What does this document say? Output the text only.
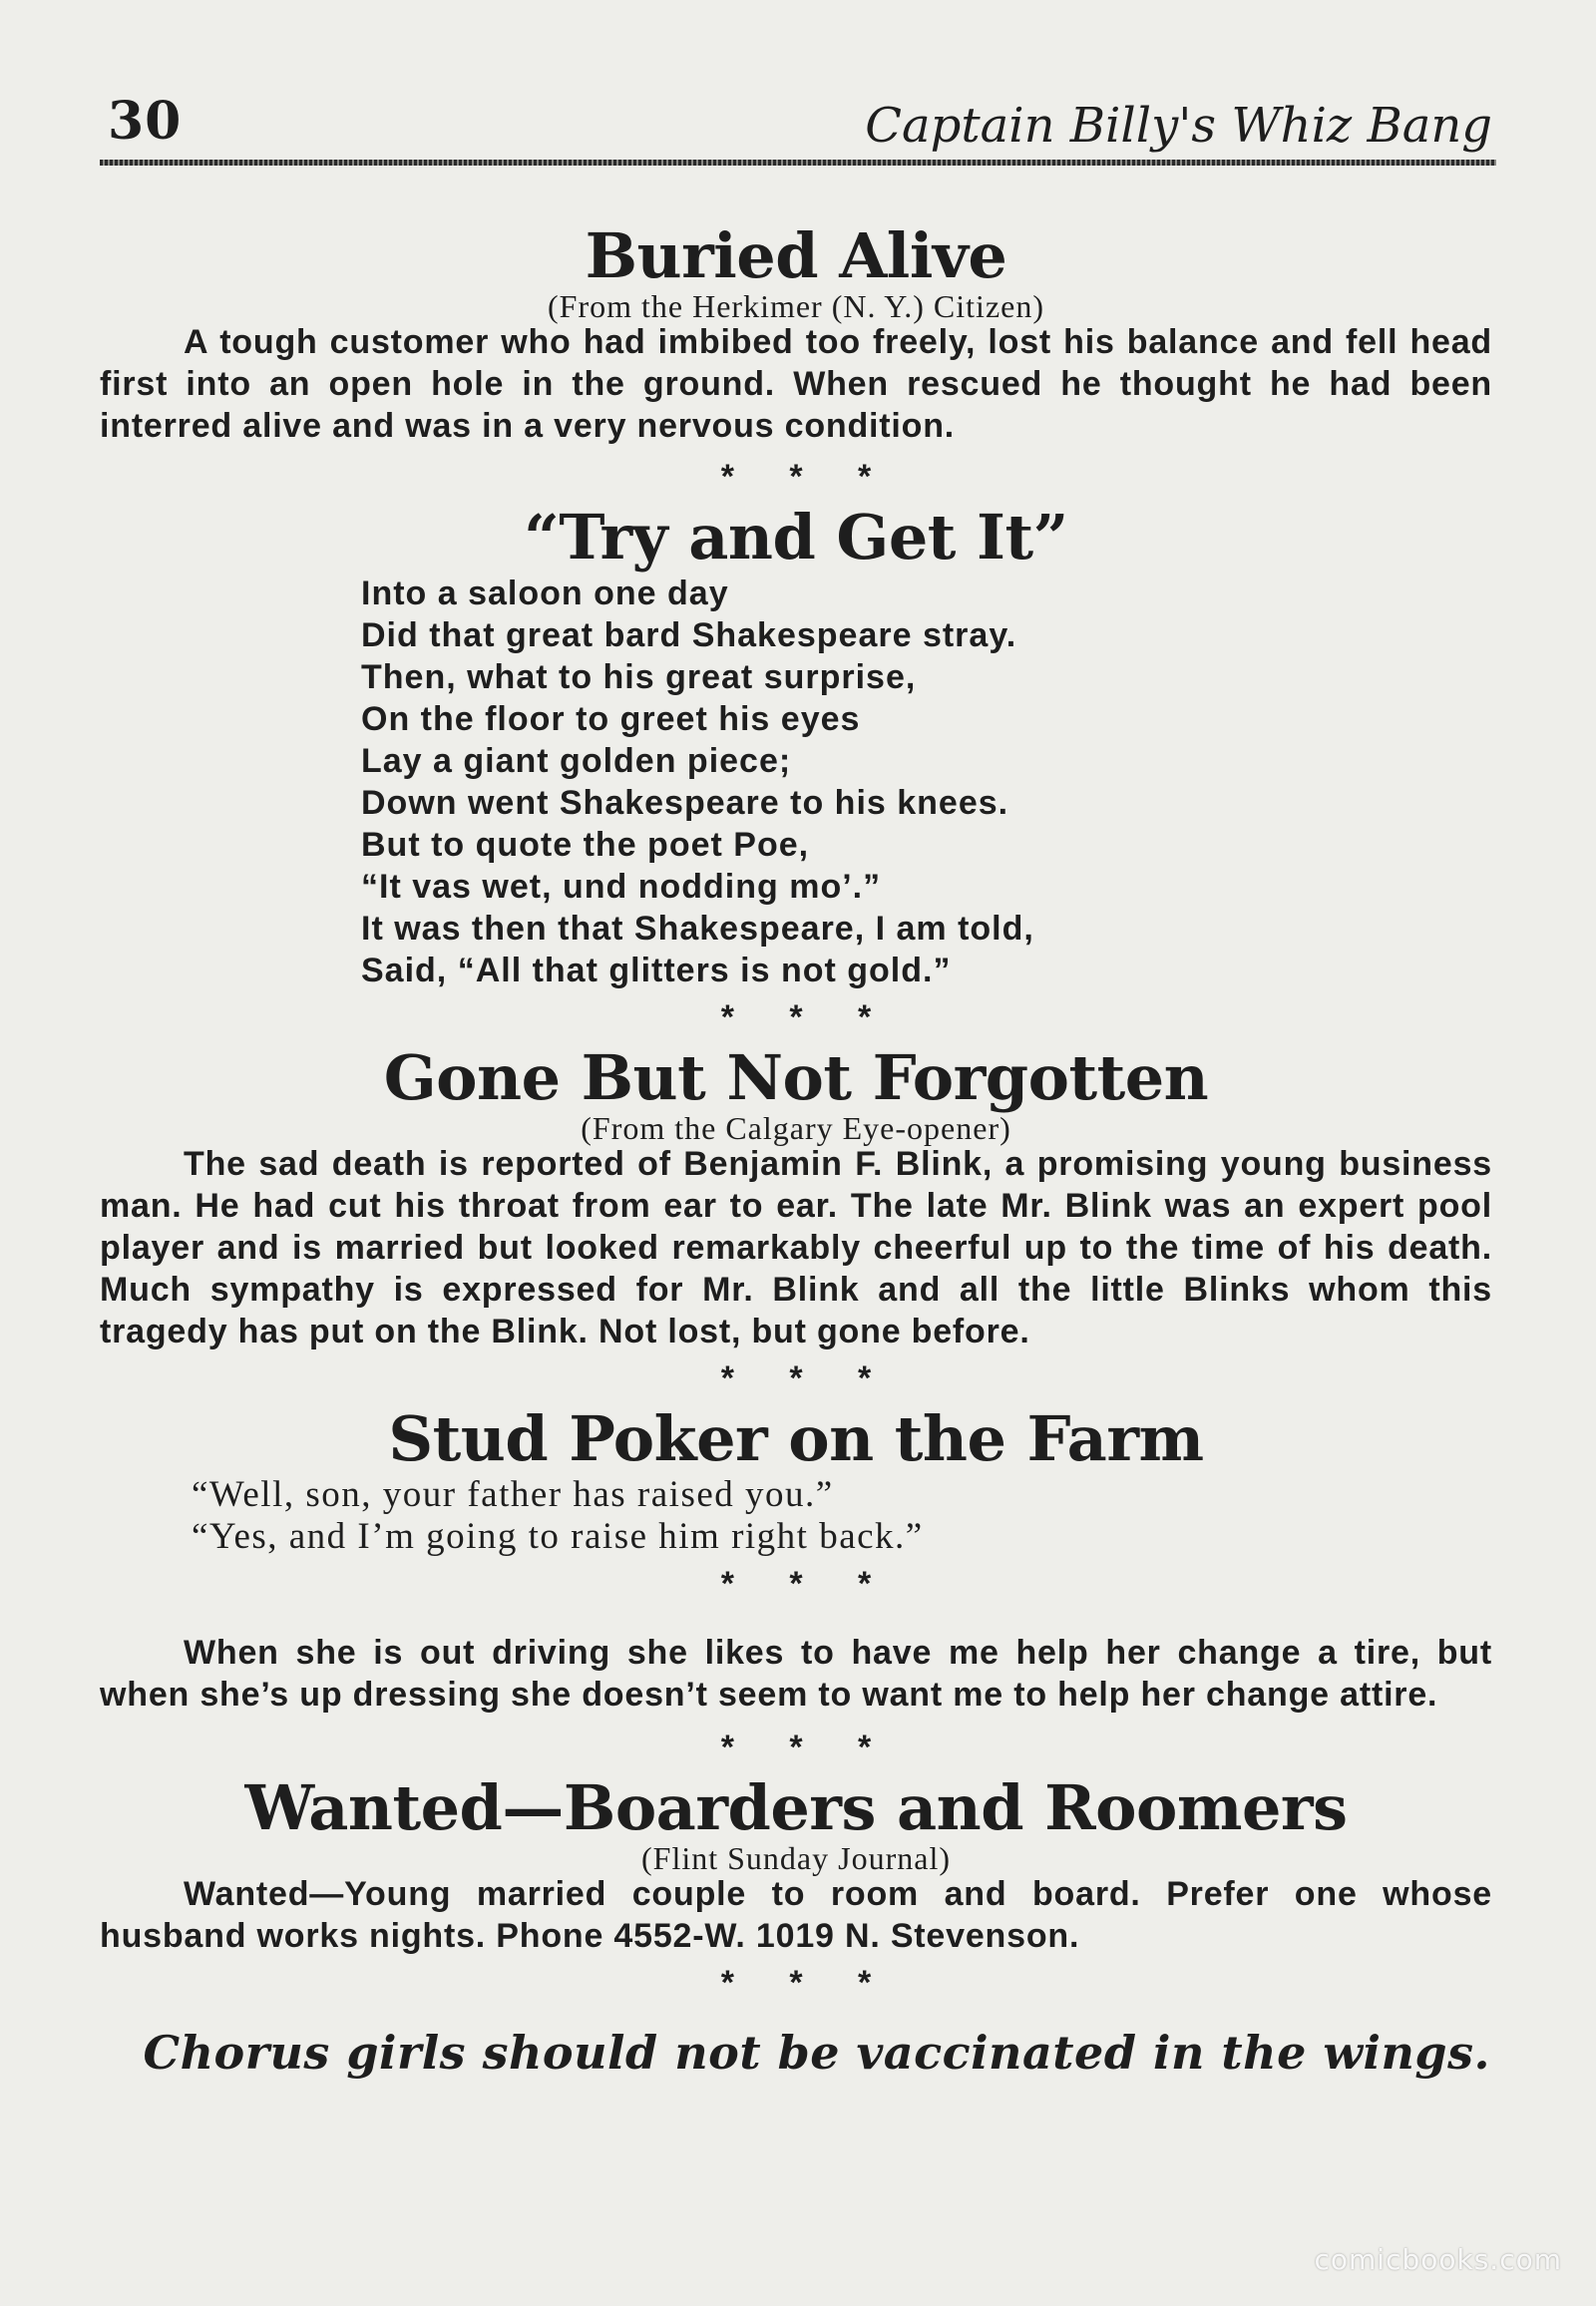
30	Captain Billy's Whiz Bang
Buried Alive

(From the Herkimer (N. Y.) Citizen)

A tough customer who had imbibed too freely, lost his balance and fell head first into an open hole in the ground. When rescued he thought he had been interred alive and was in a very nervous condition.

* * *

“Try and Get It”
Into a saloon one day
Did that great bard Shakespeare stray.
Then, what to his great surprise,
On the floor to greet his eyes
Lay a giant golden piece;
Down went Shakespeare to his knees.
But to quote the poet Poe,
“It vas wet, und nodding mo’.”
It was then that Shakespeare, I am told,
Said, “All that glitters is not gold.”

* * *

Gone But Not Forgotten

(From the Calgary Eye-opener)

The sad death is reported of Benjamin F. Blink, a promising young business man. He had cut his throat from ear to ear. The late Mr. Blink was an expert pool player and is married but looked remarkably cheerful up to the time of his death. Much sympathy is expressed for Mr. Blink and all the little Blinks whom this tragedy has put on the Blink. Not lost, but gone before.

* * *

Stud Poker on the Farm
“Well, son, your father has raised you.”
“Yes, and I’m going to raise him right back.”

* * *

When she is out driving she likes to have me help her change a tire, but when she’s up dressing she doesn’t seem to want me to help her change attire.

* * *

Wanted—Boarders and Roomers

(Flint Sunday Journal)

Wanted—Young married couple to room and board. Prefer one whose husband works nights. Phone 4552-W. 1019 N. Stevenson.

* * *

Chorus girls should not be vaccinated in the wings.

comicbooks.com
